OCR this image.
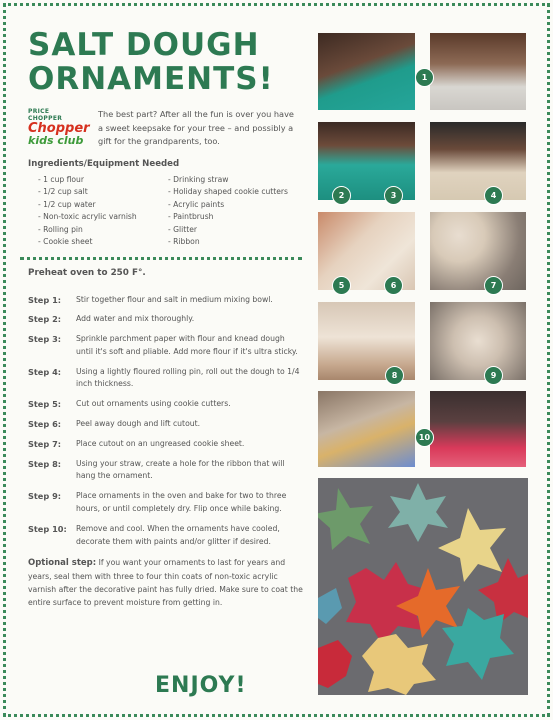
SALT DOUGH
ORNAMENTS!
PRICE CHOPPER
Chopper
kids club
The best part? After all the fun is over you have a sweet keepsake for your tree – and possibly a gift for the grandparents, too.
Ingredients/Equipment Needed
- 1 cup flour
- 1/2 cup salt
- 1/2 cup water
- Non-toxic acrylic varnish
- Rolling pin
- Cookie sheet
- Drinking straw
- Holiday shaped cookie cutters
- Acrylic paints
- Paintbrush
- Glitter
- Ribbon
Preheat oven to 250 F°.
Step 1:	Stir together flour and salt in medium mixing bowl.
Step 2:	Add water and mix thoroughly.
Step 3:	Sprinkle parchment paper with flour and knead dough until it's soft and pliable. Add more flour if it's ultra sticky.
Step 4:	Using a lightly floured rolling pin, roll out the dough to 1/4 inch thickness.
Step 5:	Cut out ornaments using cookie cutters.
Step 6:	Peel away dough and lift cutout.
Step 7:	Place cutout on an ungreased cookie sheet.
Step 8:	Using your straw, create a hole for the ribbon that will hang the ornament.
Step 9:	Place ornaments in the oven and bake for two to three hours, or until completely dry. Flip once while baking.
Step 10:	Remove and cool. When the ornaments have cooled, decorate them with paints and/or glitter if desired.
Optional step: If you want your ornaments to last for years and years, seal them with three to four thin coats of non-toxic acrylic varnish after the decorative paint has fully dried. Make sure to coat the entire surface to prevent moisture from getting in.
ENJOY!
1
2	3	4
5	6	7
8	9
10
